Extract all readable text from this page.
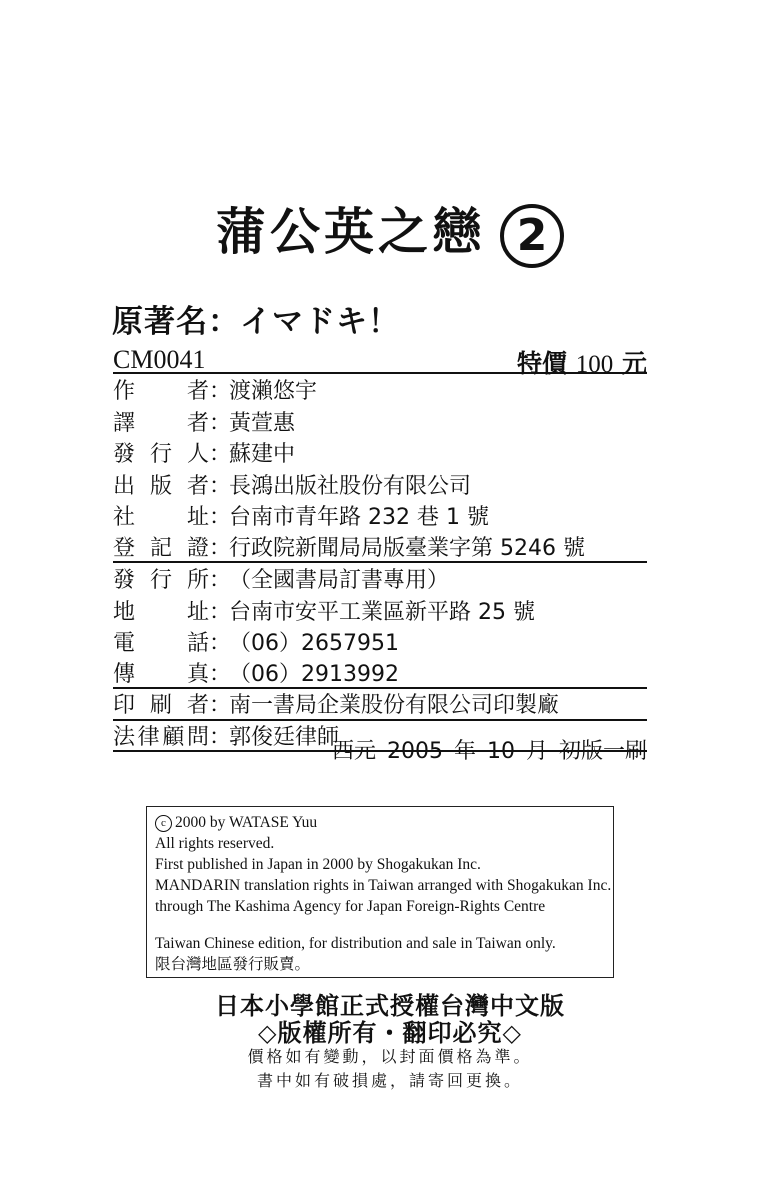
蒲公英之戀 2
原著名：イマドキ！
CM0041	特價 100 元
作 者 ：
渡瀨悠宇
譯 者 ：
黃萱惠
發 行 人 ：
蘇建中
出 版 者 ：
長鴻出版社股份有限公司
社 址 ：
台南市青年路 232 巷 1 號
登 記 證 ：
行政院新聞局局版臺業字第 5246 號
發 行 所 ：
（全國書局訂書專用）
地 址 ：
台南市安平工業區新平路 25 號
電 話 ：
（06）2657951
傳 真 ：
（06）2913992
印 刷 者 ：
南一書局企業股份有限公司印製廠
法 律 顧 問 ：
郭俊廷律師
西元 2005 年 10 月 初版一刷
c 2000 by WATASE Yuu
All rights reserved.
First published in Japan in 2000 by Shogakukan Inc.
MANDARIN translation rights in Taiwan arranged with Shogakukan Inc.
through The Kashima Agency for Japan Foreign-Rights Centre
Taiwan Chinese edition, for distribution and sale in Taiwan only.
限台灣地區發行販賣。
日本小學館正式授權台灣中文版
◇版權所有・翻印必究◇
價格如有變動，以封面價格為準。
書中如有破損處，請寄回更換。
